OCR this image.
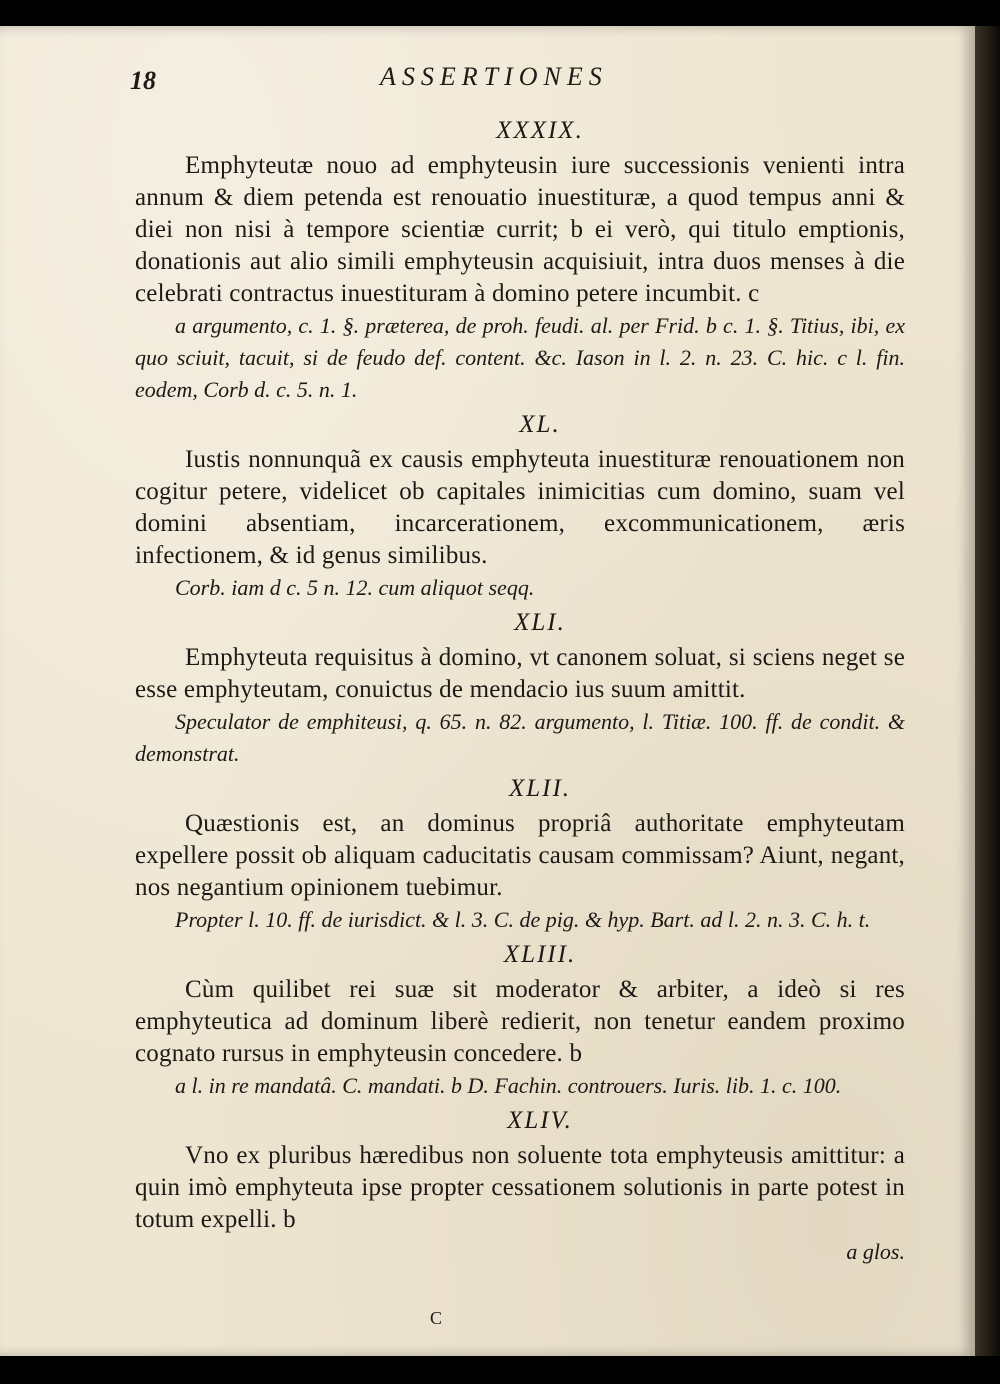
18	ASSERTIONES
XXXIX.

Emphyteutæ nouo ad emphyteusin iure successionis venienti intra annum & diem petenda est renouatio inuestituræ, a quod tempus anni & diei non nisi à tempore scientiæ currit; b ei verò, qui titulo emptionis, donationis aut alio simili emphyteusin acquisiuit, intra duos menses à die celebrati contractus inuestituram à domino petere incumbit. c

a argumento, c. 1. §. præterea, de proh. feudi. al. per Frid. b c. 1. §. Titius, ibi, ex quo sciuit, tacuit, si de feudo def. content. &c. Iason in l. 2. n. 23. C. hic. c l. fin. eodem, Corb d. c. 5. n. 1.

XL.

Iustis nonnunquã ex causis emphyteuta inuestituræ renouationem non cogitur petere, videlicet ob capitales inimicitias cum domino, suam vel domini absentiam, incarcerationem, excommunicationem, æris infectionem, & id genus similibus.

Corb. iam d c. 5 n. 12. cum aliquot seqq.

XLI.

Emphyteuta requisitus à domino, vt canonem soluat, si sciens neget se esse emphyteutam, conuictus de mendacio ius suum amittit.

Speculator de emphiteusi, q. 65. n. 82. argumento, l. Titiæ. 100. ff. de condit. & demonstrat.

XLII.

Quæstionis est, an dominus propriâ authoritate emphyteutam expellere possit ob aliquam caducitatis causam commissam? Aiunt, negant, nos negantium opinionem tuebimur.

Propter l. 10. ff. de iurisdict. & l. 3. C. de pig. & hyp. Bart. ad l. 2. n. 3. C. h. t.

XLIII.

Cùm quilibet rei suæ sit moderator & arbiter, a ideò si res emphyteutica ad dominum liberè redierit, non tenetur eandem proximo cognato rursus in emphyteusin concedere. b

a l. in re mandatâ. C. mandati. b D. Fachin. controuers. Iuris. lib. 1. c. 100.

XLIV.

Vno ex pluribus hæredibus non soluente tota emphyteusis amittitur: a quin imò emphyteuta ipse propter cessationem solutionis in parte potest in totum expelli. b

a glos.
C
